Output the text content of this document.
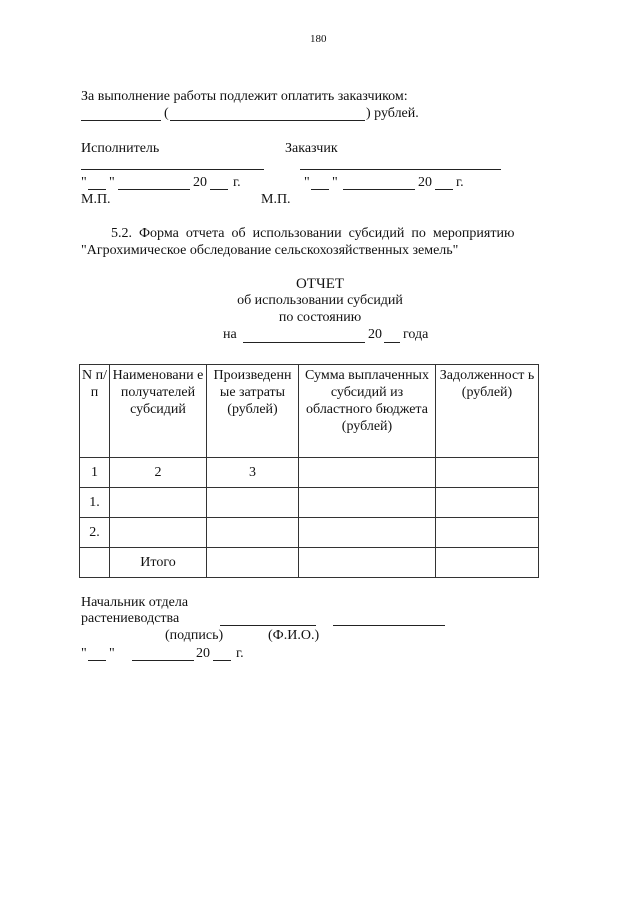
180
За выполнение работы подлежит оплатить заказчиком:
(	) рублей.
Исполнитель	Заказчик
" "	20 г.	" "	20 г.
М.П.	М.П.
5.2.  Форма  отчета  об  использовании  субсидий  по  мероприятию
"Агрохимическое обследование сельскохозяйственных земель"
ОТЧЕТ
об использовании субсидий
по состоянию
на	20 года
N п/п	Наименовани е получателей субсидий	Произведенн ые затраты (рублей)	Сумма выплаченных субсидий из областного бюджета (рублей)	Задолженност ь (рублей)
1	2	3		
1.				
2.				
	Итого			
Начальник отдела
растениеводства
(подпись)	(Ф.И.О.)
" "	20 г.
